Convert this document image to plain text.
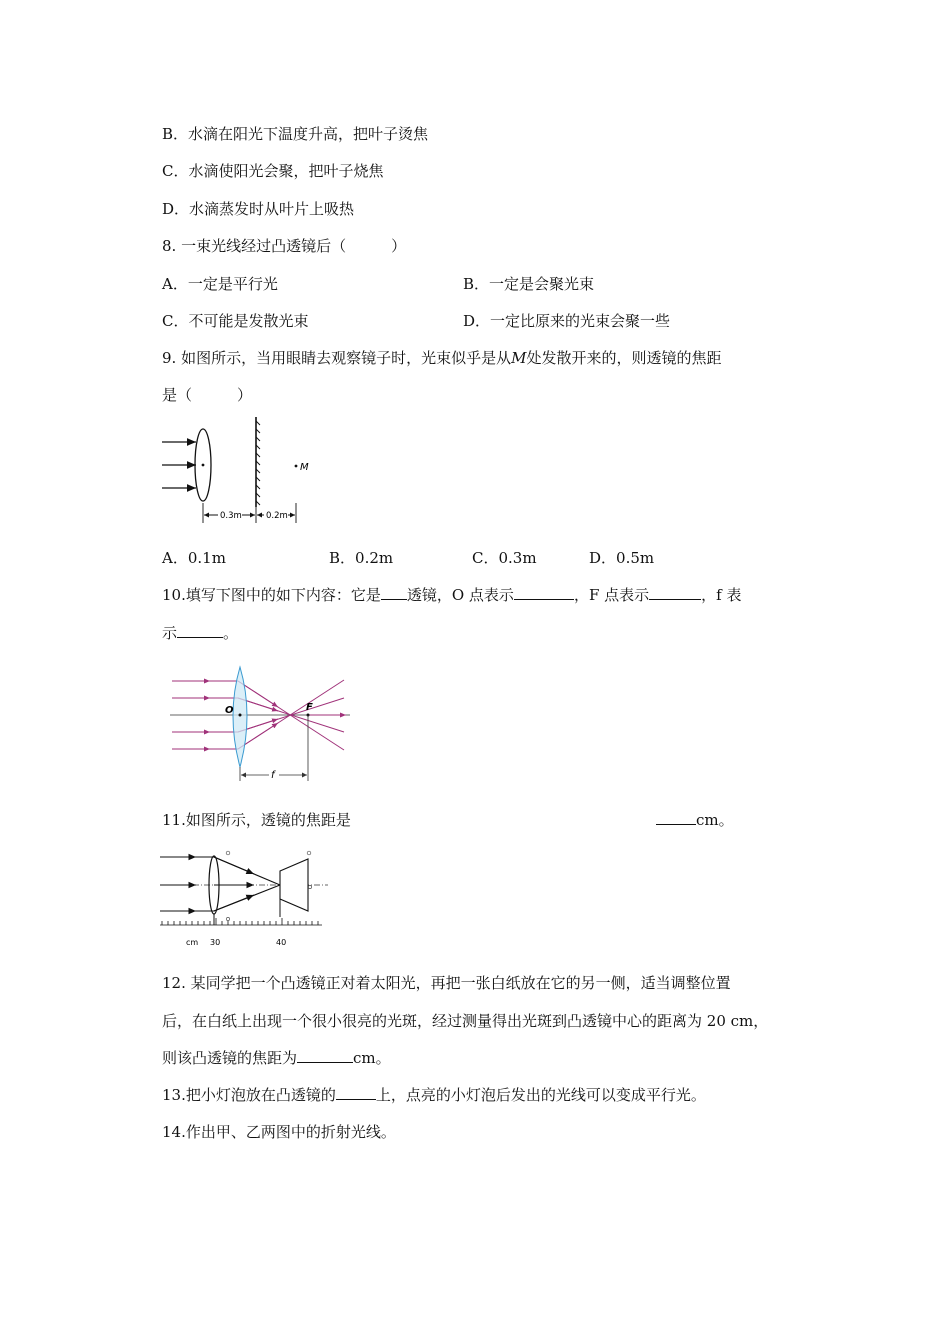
B．水滴在阳光下温度升高，把叶子烫焦
C．水滴使阳光会聚，把叶子烧焦
D．水滴蒸发时从叶片上吸热
8. 一束光线经过凸透镜后（　　　）
A．一定是平行光	B．一定是会聚光束
C．不可能是发散光束	D．一定比原来的光束会聚一些
9. 如图所示，当用眼睛去观察镜子时，光束似乎是从M处发散开来的，则透镜的焦距
是（　　　）
M
0.3m	0.2m
A．0.1m	B．0.2m	C．0.3m	D．0.5m
10.填写下图中的如下内容：它是 透镜，O 点表示	，F 点表示	，f 表
示	。
O	F
f
11.如图所示，透镜的焦距是	cm。
cm 30	40
12. 某同学把一个凸透镜正对着太阳光，再把一张白纸放在它的另一侧，适当调整位置
后，在白纸上出现一个很小很亮的光斑，经过测量得出光斑到凸透镜中心的距离为 20 cm，
则该凸透镜的焦距为	cm。
13.把小灯泡放在凸透镜的	上，点亮的小灯泡后发出的光线可以变成平行光。
14.作出甲、乙两图中的折射光线。
